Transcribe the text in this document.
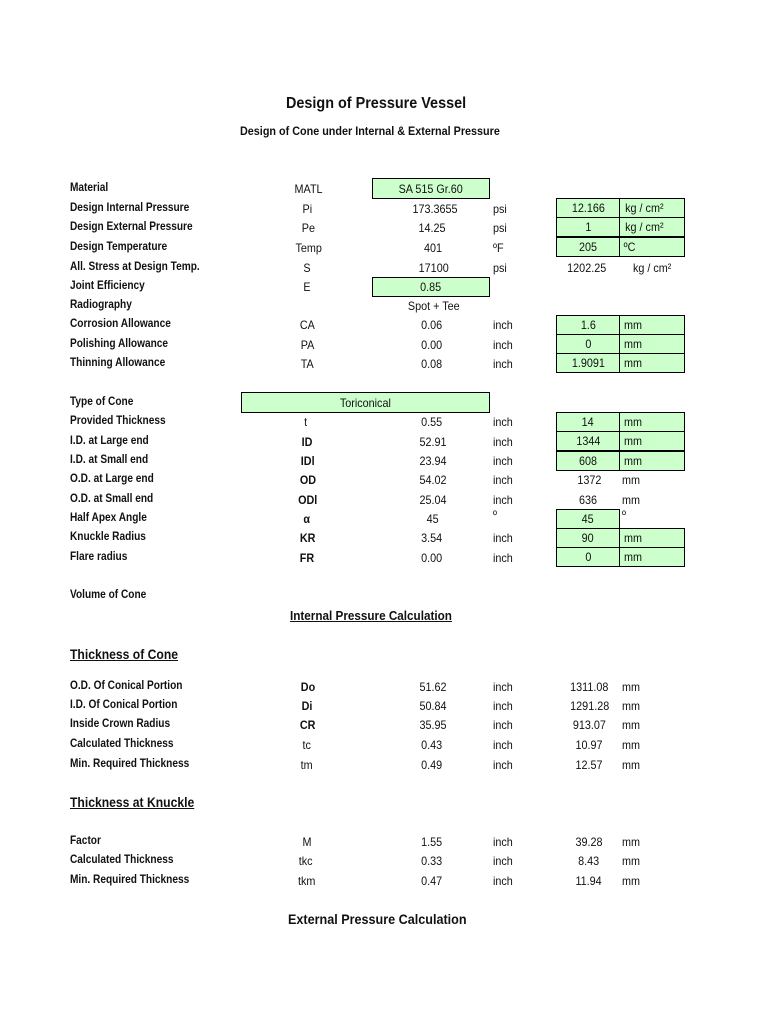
Design of Pressure Vessel
Design of Cone under Internal & External Pressure
Material	MATL	SA 515 Gr.60
Design Internal Pressure	Pi	173.3655	psi	12.166 kg / cm²
Design External Pressure	Pe	14.25	psi	1	kg / cm²
Design Temperature	Temp	401	ºF	205 ºC
All. Stress at Design Temp.	S	17100	psi	1202.25 kg / cm²
Joint Efficiency	E	0.85
Radiography	Spot + Tee
Corrosion Allowance	CA	0.06	inch	1.6 mm
Polishing Allowance	PA	0.00	inch	0	mm
Thinning Allowance	TA	0.08	inch	1.9091 mm
Type of Cone	Toriconical
Provided Thickness	t	0.55	inch	14 mm
I.D. at Large end	ID	52.91	inch	1344 mm
I.D. at Small end	IDl	23.94	inch	608 mm
O.D. at Large end	OD	54.02	inch	1372 mm
O.D. at Small end	ODl	25.04	inch	636 mm
Half Apex Angle	α	45	º	45 º
Knuckle Radius	KR	3.54	inch	90 mm
Flare radius	FR	0.00	inch	0	mm
Volume of Cone
Internal Pressure Calculation
Thickness of Cone
O.D. Of Conical Portion	Do	51.62	inch	1311.08 mm
I.D. Of Conical Portion	Di	50.84	inch	1291.28 mm
Inside Crown Radius	CR	35.95	inch	913.07 mm
Calculated Thickness	tc	0.43	inch	10.97 mm
Min. Required Thickness	tm	0.49	inch	12.57 mm
Thickness at Knuckle
Factor	M	1.55	inch	39.28 mm
Calculated Thickness	tkc	0.33	inch	8.43 mm
Min. Required Thickness	tkm	0.47	inch	11.94 mm
External Pressure Calculation
